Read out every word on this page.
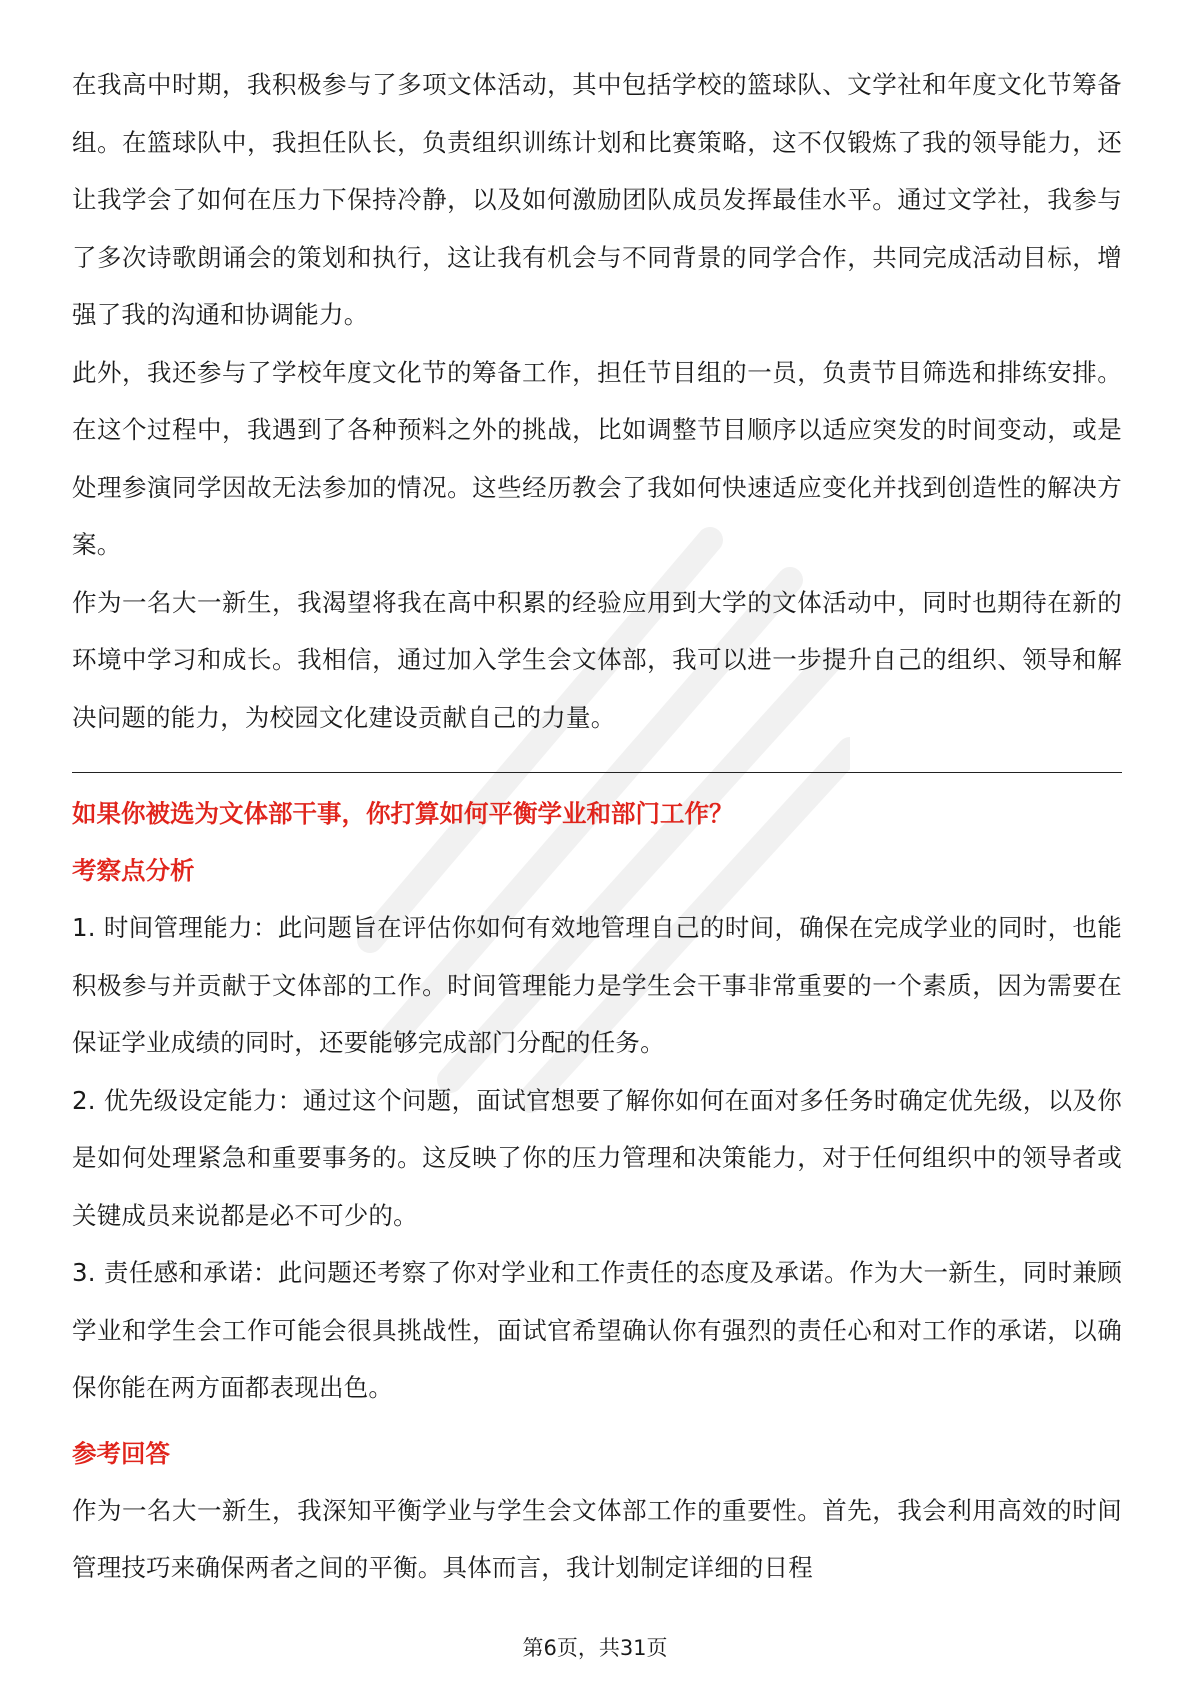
在我高中时期，我积极参与了多项文体活动，其中包括学校的篮球队、文学社和年度文化节筹备组。在篮球队中，我担任队长，负责组织训练计划和比赛策略，这不仅锻炼了我的领导能力，还让我学会了如何在压力下保持冷静，以及如何激励团队成员发挥最佳水平。通过文学社，我参与了多次诗歌朗诵会的策划和执行，这让我有机会与不同背景的同学合作，共同完成活动目标，增强了我的沟通和协调能力。

此外，我还参与了学校年度文化节的筹备工作，担任节目组的一员，负责节目筛选和排练安排。在这个过程中，我遇到了各种预料之外的挑战，比如调整节目顺序以适应突发的时间变动，或是处理参演同学因故无法参加的情况。这些经历教会了我如何快速适应变化并找到创造性的解决方案。

作为一名大一新生，我渴望将我在高中积累的经验应用到大学的文体活动中，同时也期待在新的环境中学习和成长。我相信，通过加入学生会文体部，我可以进一步提升自己的组织、领导和解决问题的能力，为校园文化建设贡献自己的力量。

如果你被选为文体部干事，你打算如何平衡学业和部门工作？
考察点分析

1. 时间管理能力：此问题旨在评估你如何有效地管理自己的时间，确保在完成学业的同时，也能积极参与并贡献于文体部的工作。时间管理能力是学生会干事非常重要的一个素质，因为需要在保证学业成绩的同时，还要能够完成部门分配的任务。

2. 优先级设定能力：通过这个问题，面试官想要了解你如何在面对多任务时确定优先级，以及你是如何处理紧急和重要事务的。这反映了你的压力管理和决策能力，对于任何组织中的领导者或关键成员来说都是必不可少的。

3. 责任感和承诺：此问题还考察了你对学业和工作责任的态度及承诺。作为大一新生，同时兼顾学业和学生会工作可能会很具挑战性，面试官希望确认你有强烈的责任心和对工作的承诺，以确保你能在两方面都表现出色。

参考回答

作为一名大一新生，我深知平衡学业与学生会文体部工作的重要性。首先，我会利用高效的时间管理技巧来确保两者之间的平衡。具体而言，我计划制定详细的日程

第6页，共31页
